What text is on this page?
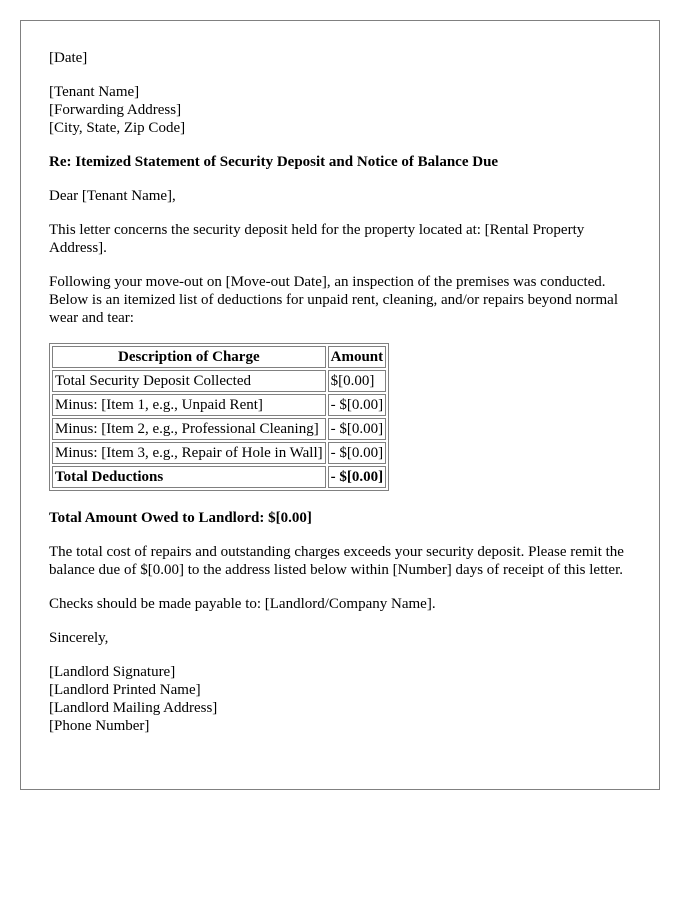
[Date]

[Tenant Name]
[Forwarding Address]
[City, State, Zip Code]

Re: Itemized Statement of Security Deposit and Notice of Balance Due

Dear [Tenant Name],

This letter concerns the security deposit held for the property located at: [Rental Property Address].

Following your move-out on [Move-out Date], an inspection of the premises was conducted. Below is an itemized list of deductions for unpaid rent, cleaning, and/or repairs beyond normal wear and tear:

Description of Charge	Amount
Total Security Deposit Collected	$[0.00]
Minus: [Item 1, e.g., Unpaid Rent]	- $[0.00]
Minus: [Item 2, e.g., Professional Cleaning]	- $[0.00]
Minus: [Item 3, e.g., Repair of Hole in Wall]	- $[0.00]
Total Deductions	- $[0.00]

Total Amount Owed to Landlord: $[0.00]

The total cost of repairs and outstanding charges exceeds your security deposit. Please remit the balance due of $[0.00] to the address listed below within [Number] days of receipt of this letter.

Checks should be made payable to: [Landlord/Company Name].

Sincerely,

[Landlord Signature]
[Landlord Printed Name]
[Landlord Mailing Address]
[Phone Number]
